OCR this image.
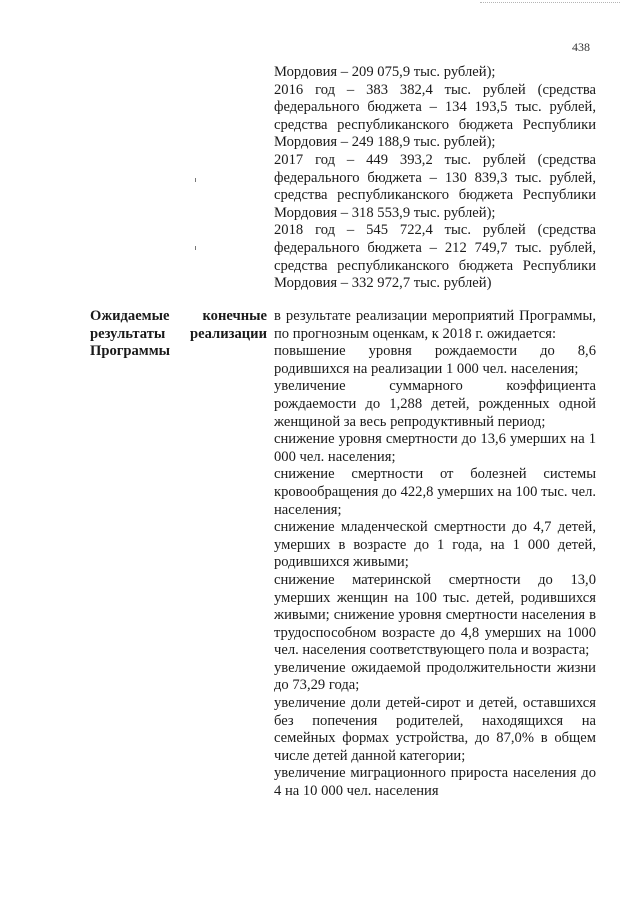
438
Мордовия – 209 075,9 тыс. рублей);
2016 год – 383 382,4 тыс. рублей (средства федерального бюджета – 134 193,5 тыс. рублей, средства республиканского бюджета Республики Мордовия – 249 188,9 тыс. рублей);
2017 год – 449 393,2 тыс. рублей (средства федерального бюджета – 130 839,3 тыс. рублей, средства республиканского бюджета Республики Мордовия – 318 553,9 тыс. рублей);
2018 год – 545 722,4 тыс. рублей (средства федерального бюджета – 212 749,7 тыс. рублей, средства республиканского бюджета Республики Мордовия – 332 972,7 тыс. рублей)
Ожидаемые конечные результаты реализации Программы
в результате реализации мероприятий Программы, по прогнозным оценкам, к 2018 г. ожидается:
повышение уровня рождаемости до 8,6 родившихся на реализации 1 000 чел. населения;
увеличение суммарного коэффициента рождаемости до 1,288 детей, рожденных одной женщиной за весь репродуктивный период;
снижение уровня смертности до 13,6 умерших на 1 000 чел. населения;
снижение смертности от болезней системы кровообращения до 422,8 умерших на 100 тыс. чел. населения;
снижение младенческой смертности до 4,7 детей, умерших в возрасте до 1 года, на 1 000 детей, родившихся живыми;
снижение материнской смертности до 13,0 умерших женщин на 100 тыс. детей, родившихся живыми; снижение уровня смертности населения в трудоспособном возрасте до 4,8 умерших на 1000 чел. населения соответствующего пола и возраста;
увеличение ожидаемой продолжительности жизни до 73,29 года;
увеличение доли детей-сирот и детей, оставшихся без попечения родителей, находящихся на семейных формах устройства, до 87,0% в общем числе детей данной категории;
увеличение миграционного прироста населения до 4 на 10 000 чел. населения
